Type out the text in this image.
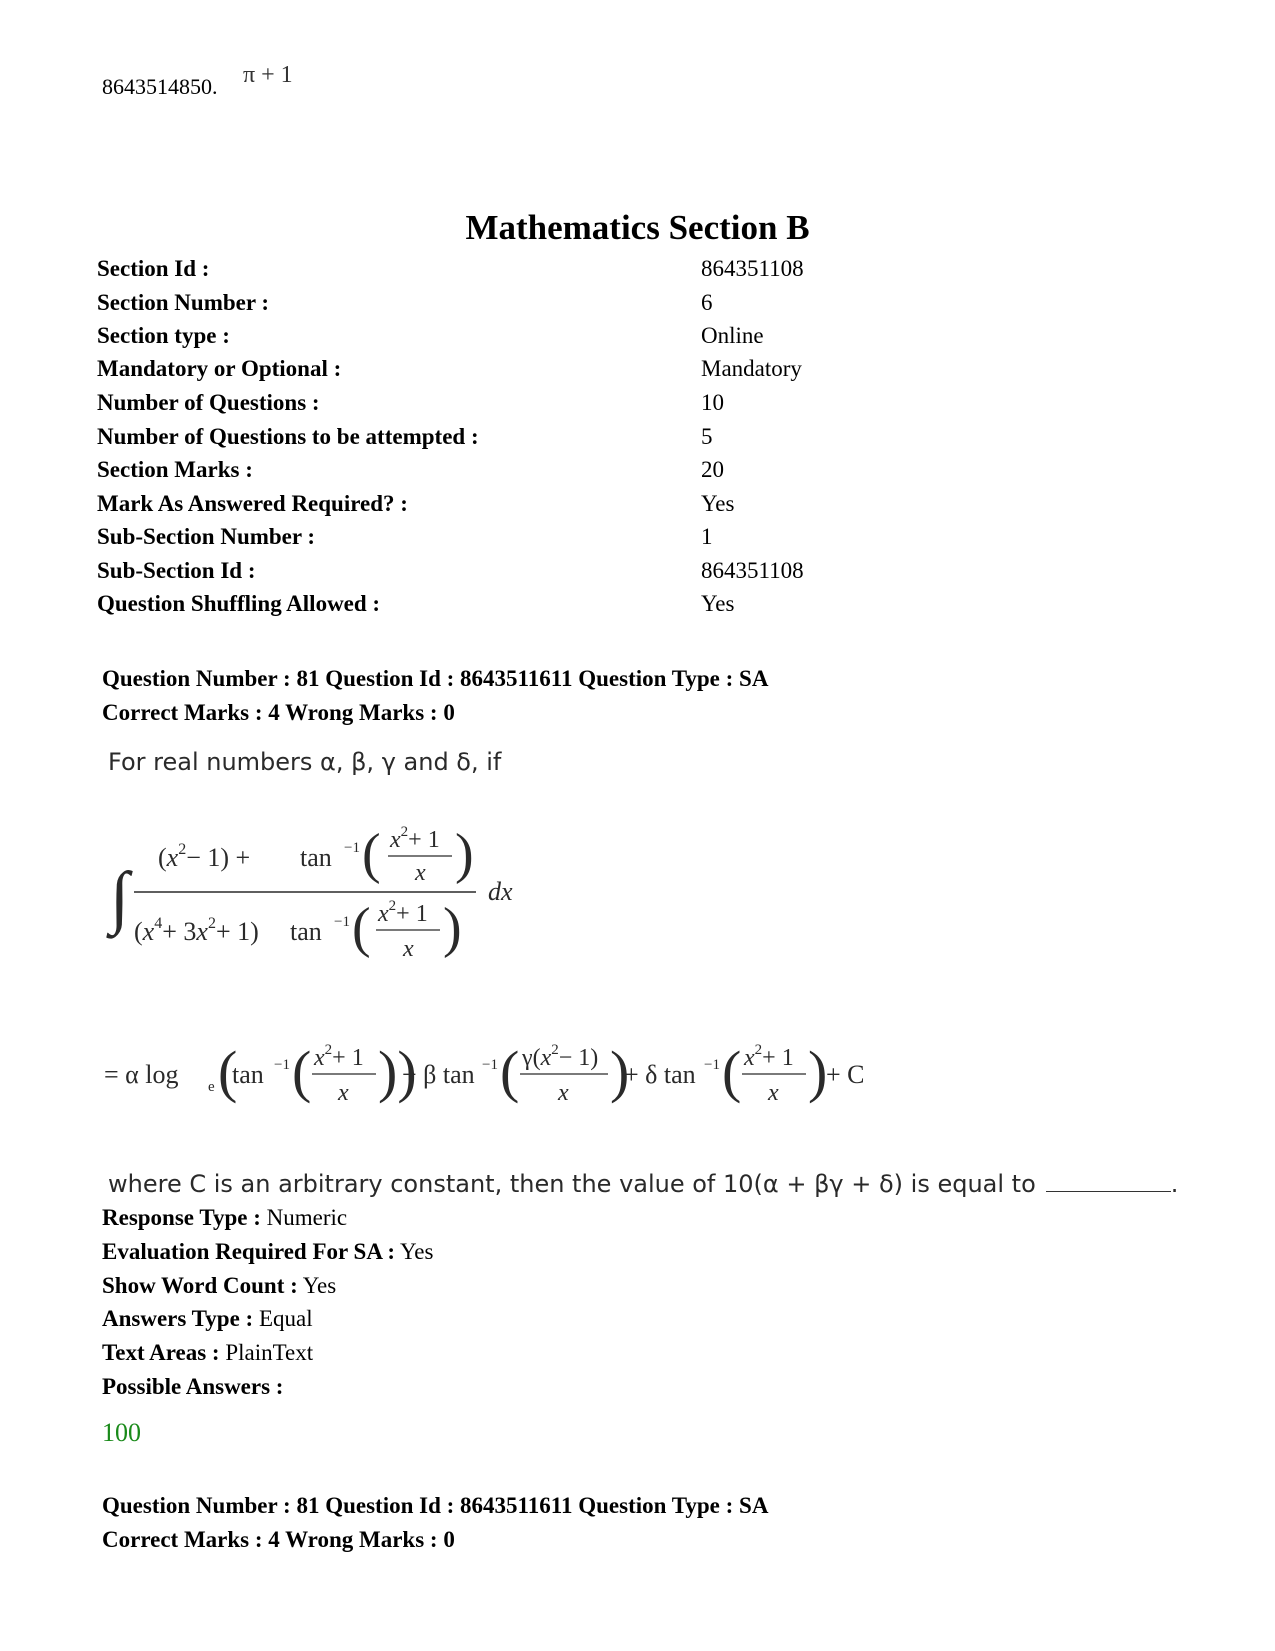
8643514850. π + 1
Mathematics Section B
Section Id :	864351108
Section Number :	6
Section type :	Online
Mandatory or Optional :	Mandatory
Number of Questions :	10
Number of Questions to be attempted :	5
Section Marks :	20
Mark As Answered Required? :	Yes
Sub-Section Number :	1
Sub-Section Id :	864351108
Question Shuffling Allowed :	Yes
Question Number : 81 Question Id : 8643511611 Question Type : SA
Correct Marks : 4 Wrong Marks : 0
For real numbers α, β, γ and δ, if
∫
$(x^2- 1) + \tan -1$ ( $x^2+ 1$
x )
dx
$(x^4+ 3x^2+ 1)$ tan −1 ( $x^2+ 1$
x )
= α log e (
tan −1 ( $x^2+ 1$
x ))
+ β tan −1 ( $\gamma(x^2- 1)$
x )
+ δ tan −1 ( $x^2+ 1$
x )
+ C
where C is an arbitrary constant, then the value of 10(α + βγ + δ) is equal to	.
Response Type : Numeric
Evaluation Required For SA : Yes
Show Word Count : Yes
Answers Type : Equal
Text Areas : PlainText
Possible Answers :
100
Question Number : 81 Question Id : 8643511611 Question Type : SA
Correct Marks : 4 Wrong Marks : 0
